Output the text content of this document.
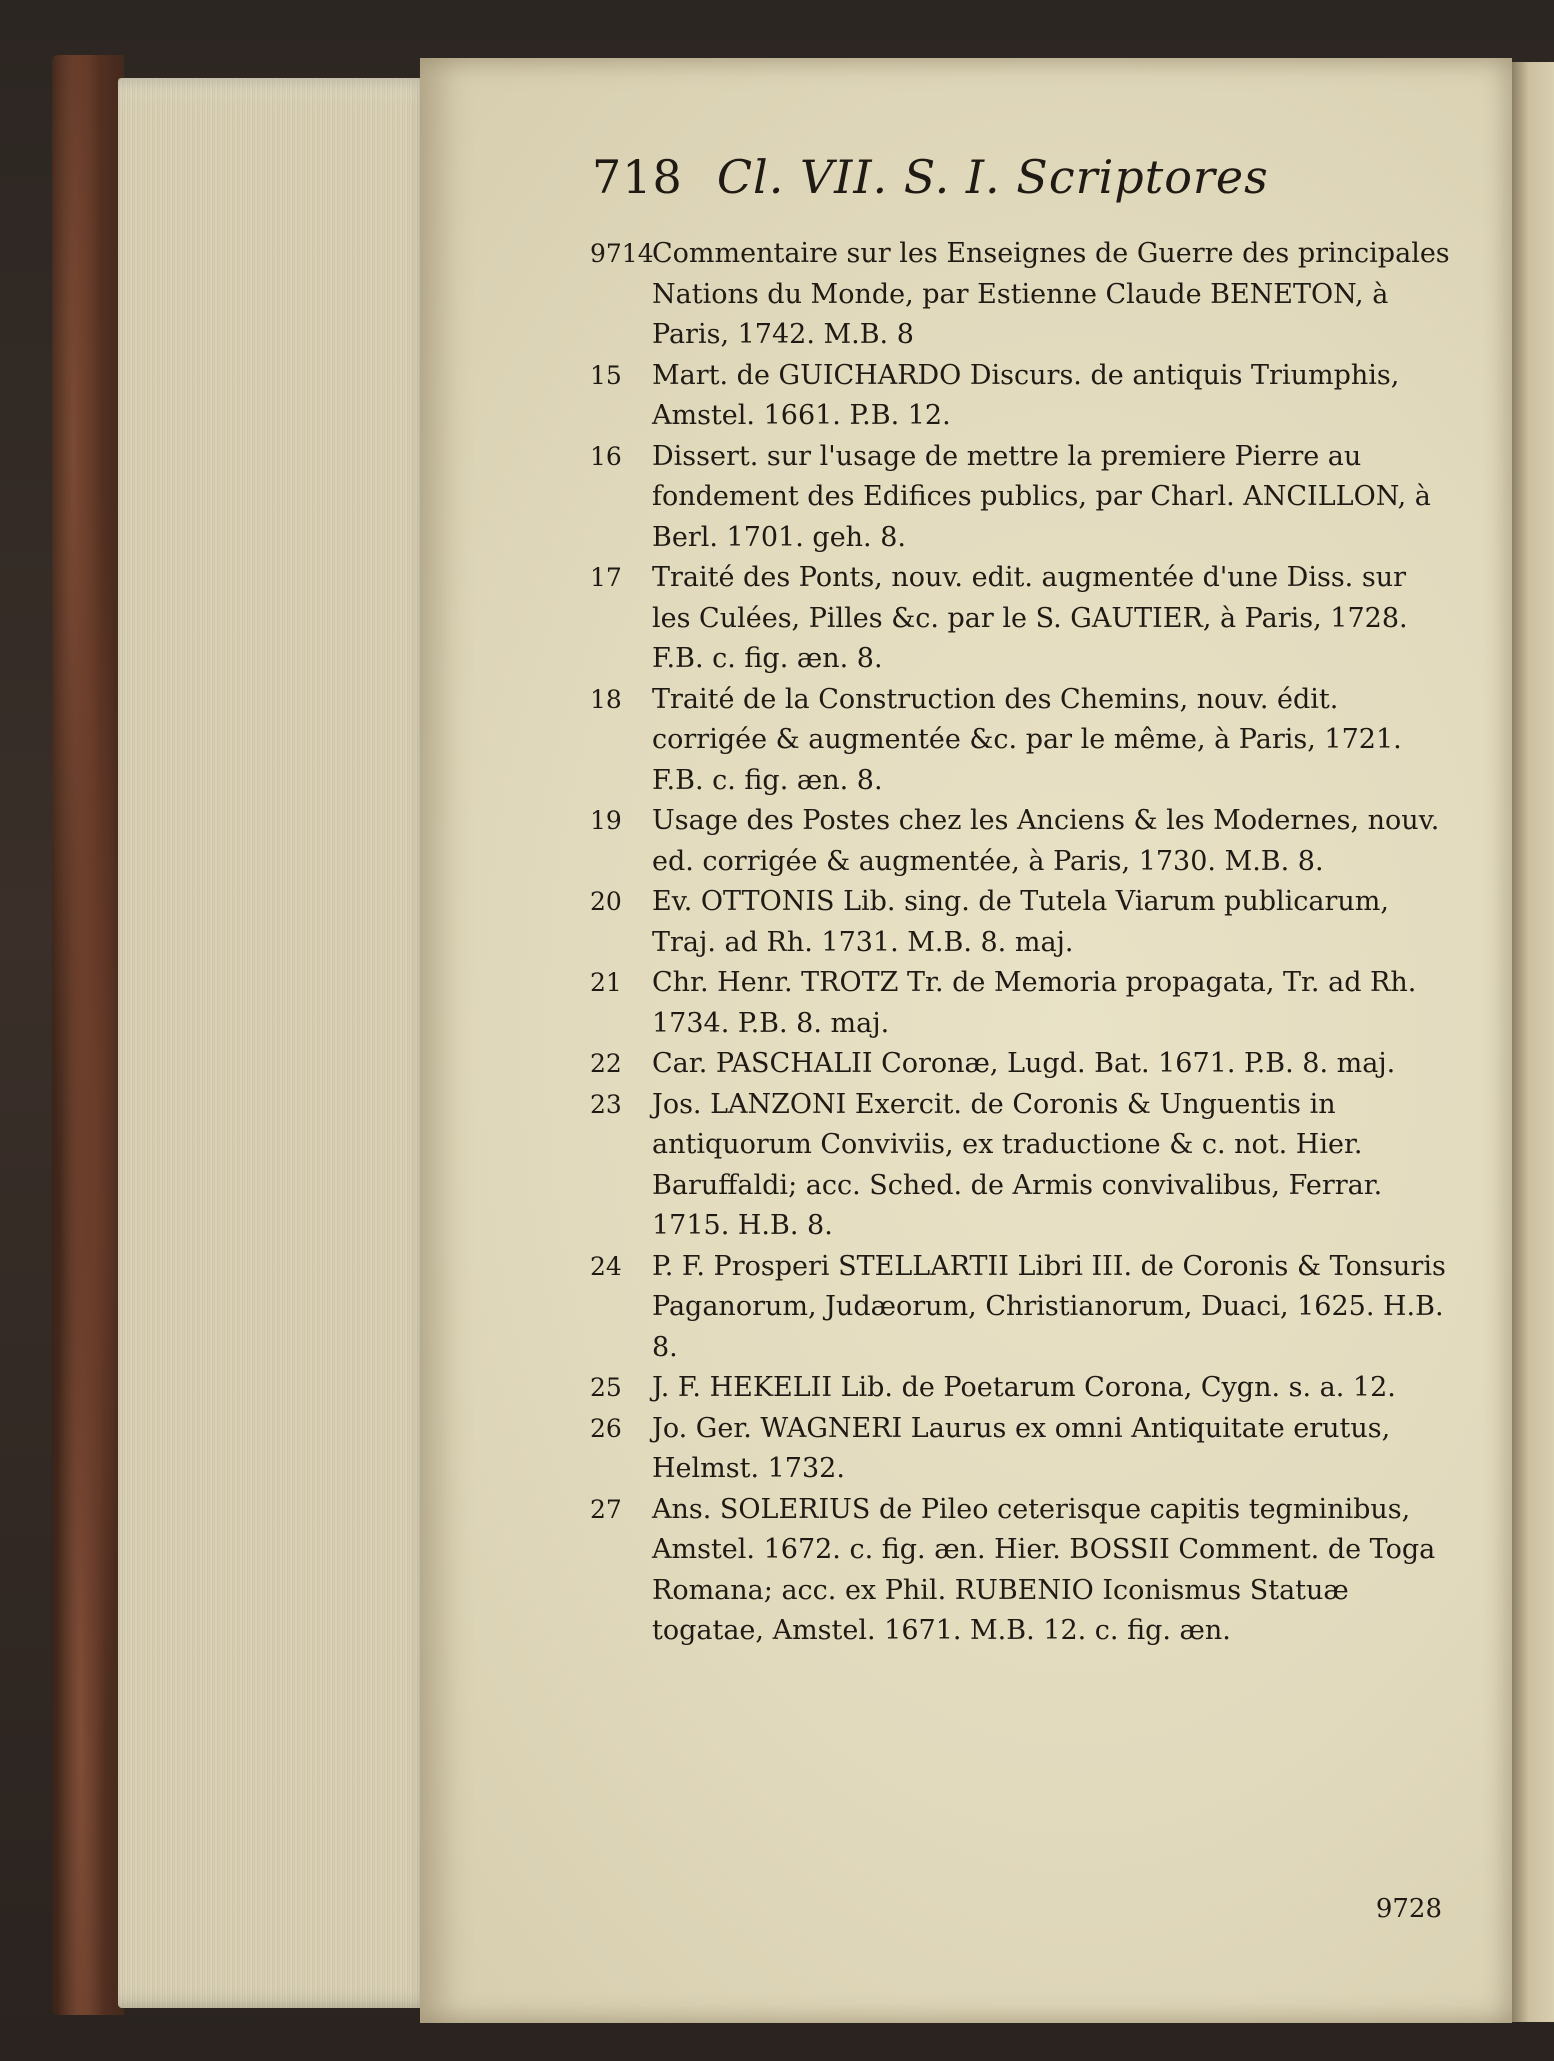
718 Cl. VII. S. I. Scriptores
9714
Commentaire sur les Enseignes de Guerre des principales Nations du Monde, par Estienne Claude BENETON, à Paris, 1742. M.B. 8
15 Mart. de GUICHARDO Discurs. de antiquis Triumphis, Amstel. 1661. P.B. 12.
16 Dissert. sur l'usage de mettre la premiere Pierre au fondement des Edifices publics, par Charl. ANCILLON, à Berl. 1701. geh. 8.
17 Traité des Ponts, nouv. edit. augmentée d'une Diss. sur les Culées, Pilles &c. par le S. GAUTIER, à Paris, 1728. F.B. c. fig. æn. 8.
18 Traité de la Construction des Chemins, nouv. édit. corrigée & augmentée &c. par le même, à Paris, 1721. F.B. c. fig. æn. 8.
19 Usage des Postes chez les Anciens & les Modernes, nouv. ed. corrigée & augmentée, à Paris, 1730. M.B. 8.
20 Ev. OTTONIS Lib. sing. de Tutela Viarum publicarum, Traj. ad Rh. 1731. M.B. 8. maj.
21 Chr. Henr. TROTZ Tr. de Memoria propagata, Tr. ad Rh. 1734. P.B. 8. maj.
22 Car. PASCHALII Coronæ, Lugd. Bat. 1671. P.B. 8. maj.
23 Jos. LANZONI Exercit. de Coronis & Unguentis in antiquorum Conviviis, ex traductione & c. not. Hier. Baruffaldi; acc. Sched. de Armis convivalibus, Ferrar. 1715. H.B. 8.
24 P. F. Prosperi STELLARTII Libri III. de Coronis & Tonsuris Paganorum, Judæorum, Christianorum, Duaci, 1625. H.B. 8.
25 J. F. HEKELII Lib. de Poetarum Corona, Cygn. s. a. 12.
26 Jo. Ger. WAGNERI Laurus ex omni Antiquitate erutus, Helmst. 1732.
27 Ans. SOLERIUS de Pileo ceterisque capitis tegminibus, Amstel. 1672. c. fig. æn. Hier. BOSSII Comment. de Toga Romana; acc. ex Phil. RUBENIO Iconismus Statuæ togatae, Amstel. 1671. M.B. 12. c. fig. æn.
9728
